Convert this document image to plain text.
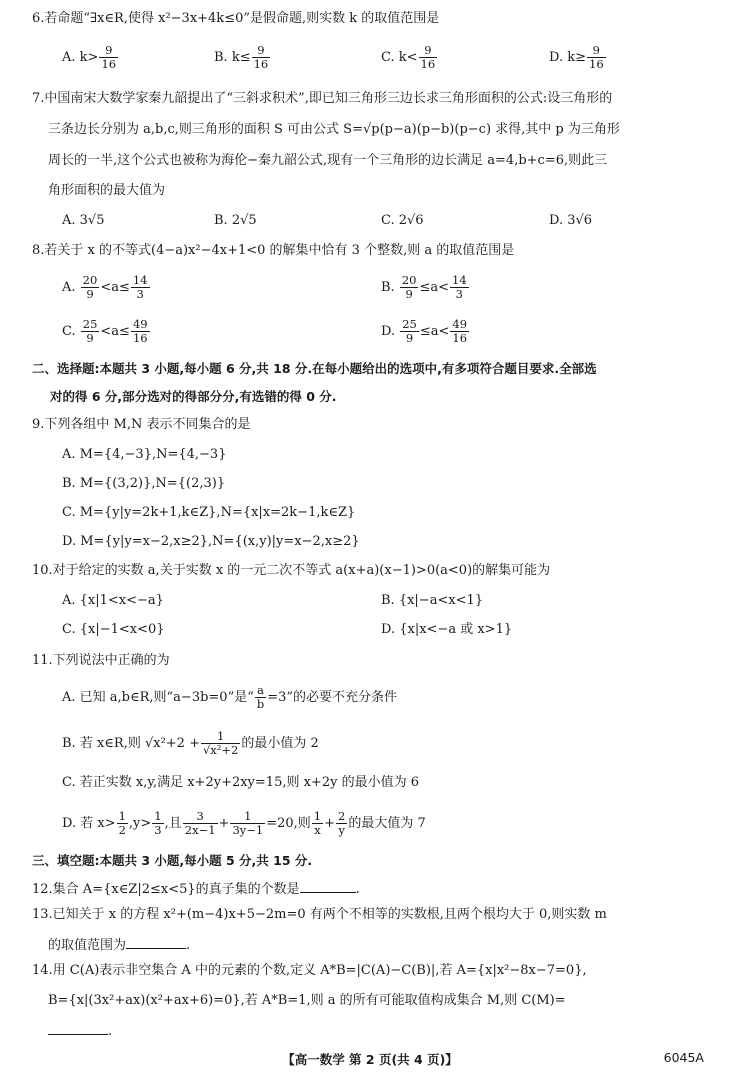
6.若命题“∃x∈R,使得 x²−3x+4k≤0”是假命题,则实数 k 的取值范围是
A. $k> \frac{9}{16}$	B. $k\le \frac{9}{16}$	C. $k< \frac{9}{16}$	D. $k\ge \frac{9}{16}$
7.中国南宋大数学家秦九韶提出了“三斜求积术”,即已知三角形三边长求三角形面积的公式:设三角形的
三条边长分别为 a,b,c,则三角形的面积 S 可由公式 S=√p(p−a)(p−b)(p−c) 求得,其中 p 为三角形
周长的一半,这个公式也被称为海伦−秦九韶公式,现有一个三角形的边长满足 a=4,b+c=6,则此三
角形面积的最大值为
A. 3√5	B. 2√5	C. 2√6	D. 3√6
8.若关于 x 的不等式(4−a)x²−4x+1<0 的解集中恰有 3 个整数,则 a 的取值范围是
A. $\frac{20}{9} <a\le \frac{14}{3}$	B. $\frac{20}{9} \le a< \frac{14}{3}$
C. $\frac{25}{9} <a\le \frac{49}{16}$	D. $\frac{25}{9} \le a< \frac{49}{16}$
二、选择题:本题共 3 小题,每小题 6 分,共 18 分.在每小题给出的选项中,有多项符合题目要求.全部选
对的得 6 分,部分选对的得部分分,有选错的得 0 分.
9.下列各组中 M,N 表示不同集合的是
A. M={4,−3},N={4,−3}
B. M={(3,2)},N={(2,3)}
C. M={y|y=2k+1,k∈Z},N={x|x=2k−1,k∈Z}
D. M={y|y=x−2,x≥2},N={(x,y)|y=x−2,x≥2}
10.对于给定的实数 a,关于实数 x 的一元二次不等式 a(x+a)(x−1)>0(a<0)的解集可能为
A. {x|1<x<−a}	B. {x|−a<x<1}
C. {x|−1<x<0}	D. {x|x<−a 或 x>1}
11.下列说法中正确的为
A. 已知 a,b∈R,则“a−3b=0”是“ $\frac{a}{b} =3$”的必要不充分条件
B. 若 x∈R,则 $√x^2+2 + \frac{1}{\text{√x²+2}}$ 的最小值为 2
C. 若正实数 x,y,满足 x+2y+2xy=15,则 x+2y 的最小值为 6
D. 若 $x> \frac{1}{2} ,y> \frac{1}{3}$ ,且 $\frac{3}{2x-1} + \frac{1}{3y-1} =20$,则 $\frac{1}{x} + \frac{2}{y}$ 的最大值为 7
三、填空题:本题共 3 小题,每小题 5 分,共 15 分.
12.集合 A={x∈Z|2≤x<5}的真子集的个数是	.
13.已知关于 x 的方程 x²+(m−4)x+5−2m=0 有两个不相等的实数根,且两个根均大于 0,则实数 m
的取值范围为	.
14.用 C(A)表示非空集合 A 中的元素的个数,定义 A*B=|C(A)−C(B)|,若 A={x|x²−8x−7=0},
B={x|(3x²+ax)(x²+ax+6)=0},若 A*B=1,则 a 的所有可能取值构成集合 M,则 C(M)=
.
【高一数学 第 2 页(共 4 页)】	6045A
